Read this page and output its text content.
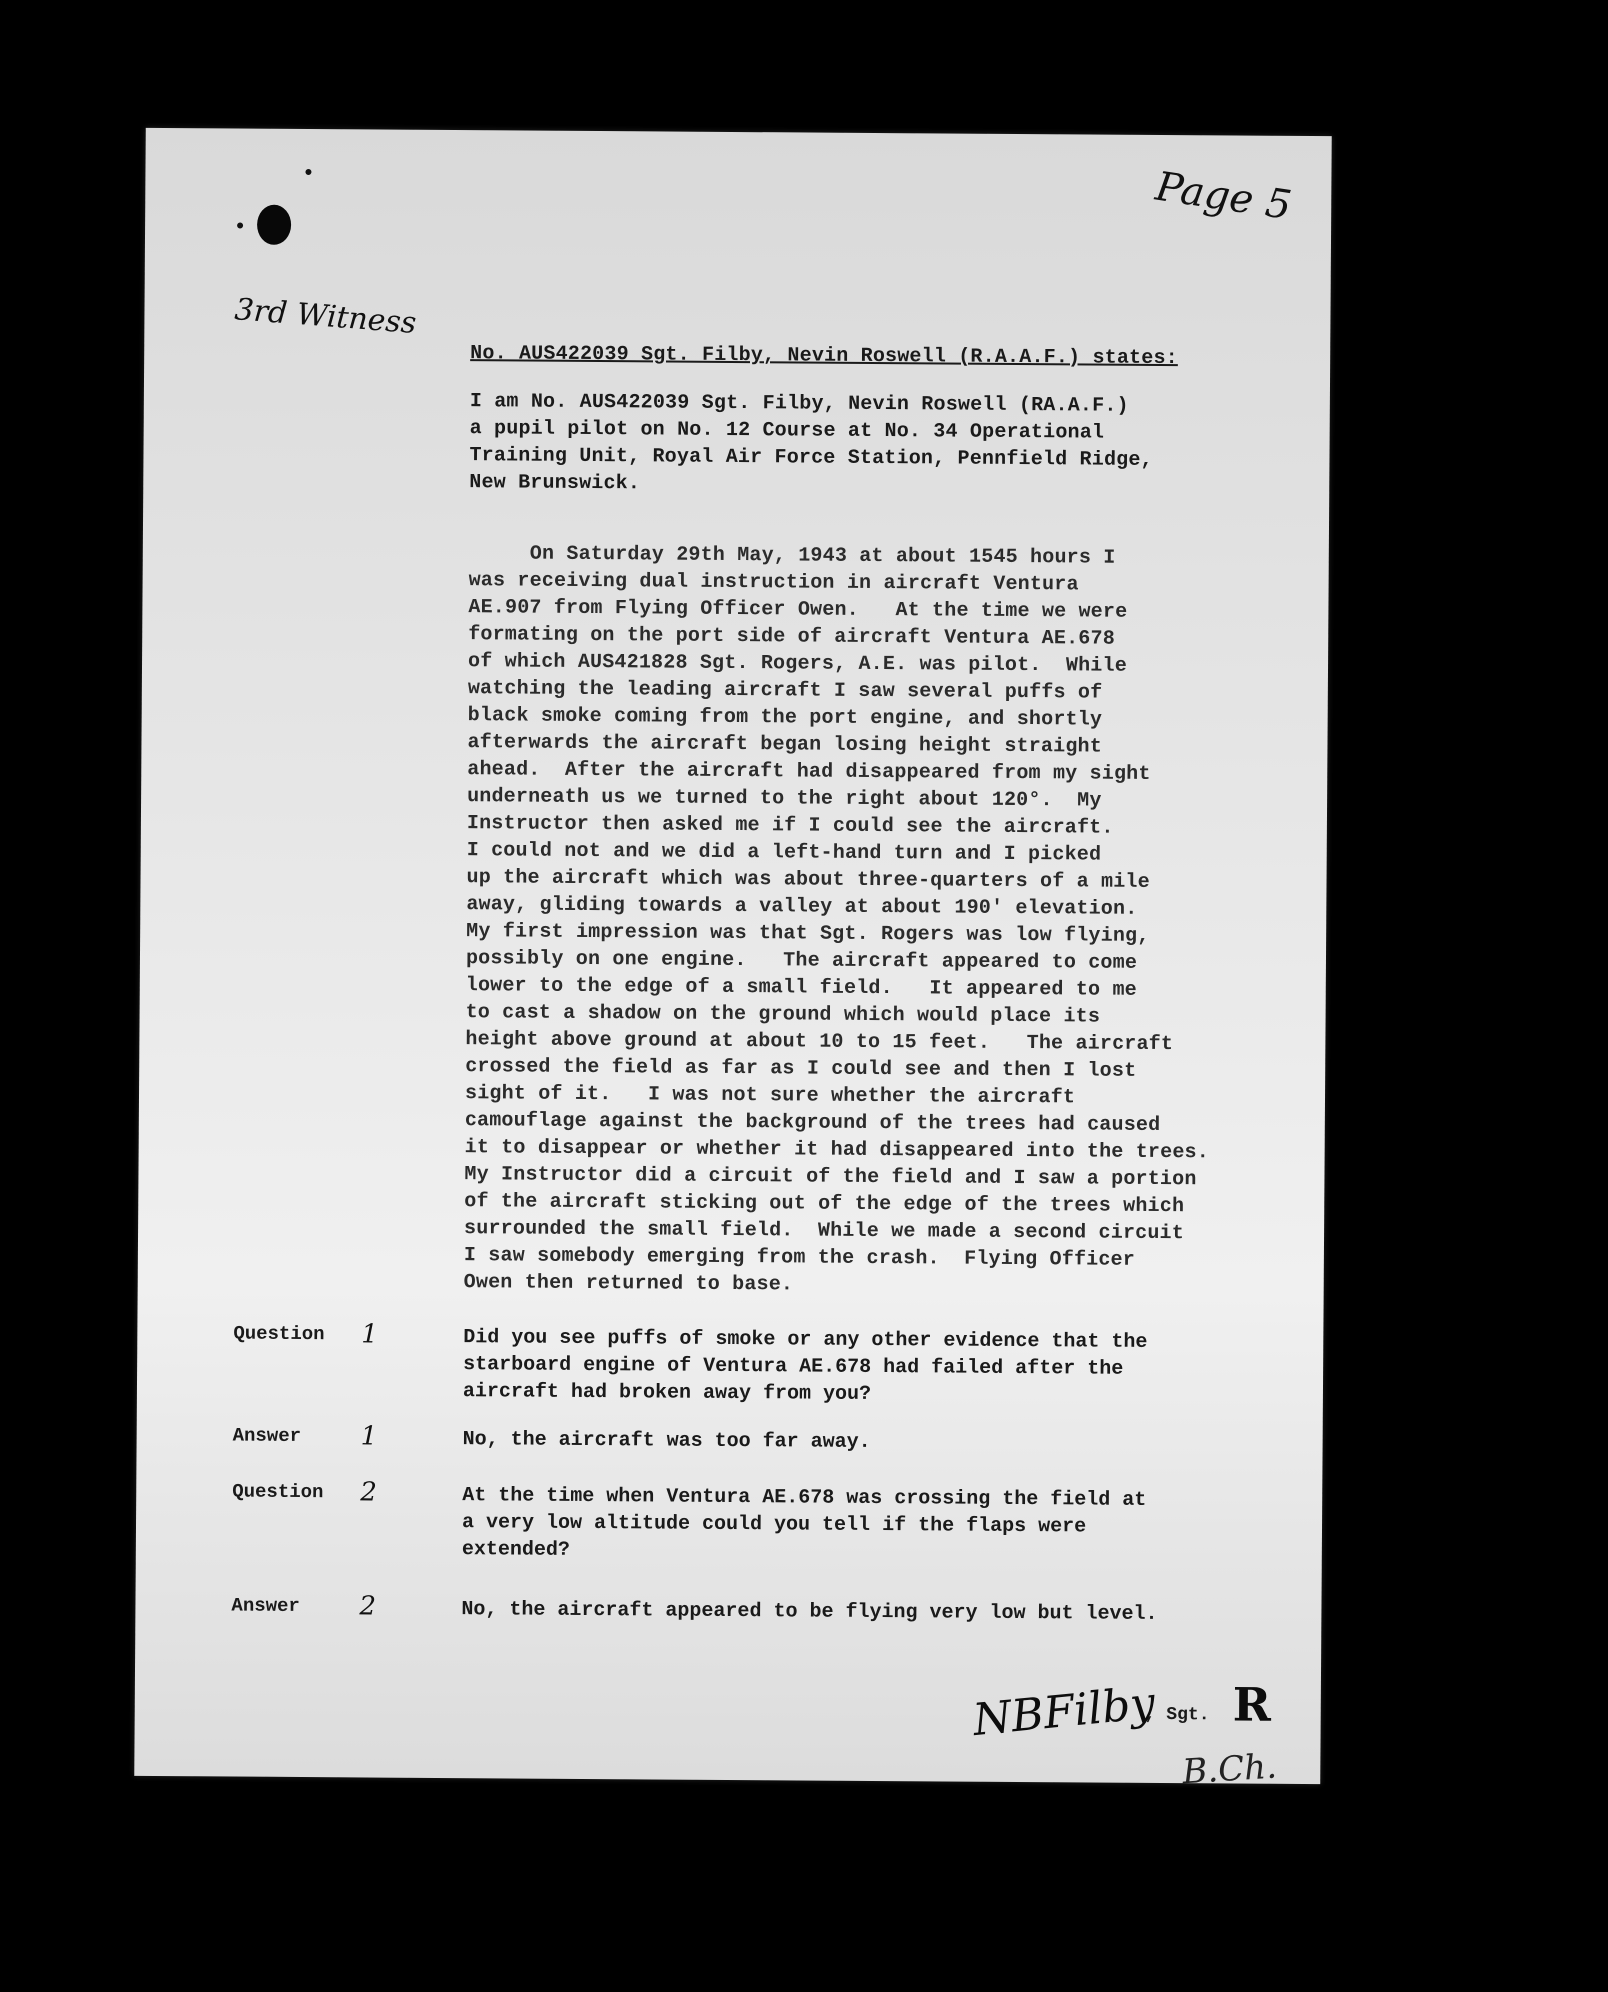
Page 5
3rd Witness
No. AUS422039 Sgt. Filby, Nevin Roswell (R.A.A.F.) states:
I am No. AUS422039 Sgt. Filby, Nevin Roswell (RA.A.F.)
a pupil pilot on No. 12 Course at No. 34 Operational
Training Unit, Royal Air Force Station, Pennfield Ridge,
New Brunswick.
On Saturday 29th May, 1943 at about 1545 hours I
was receiving dual instruction in aircraft Ventura
AE.907 from Flying Officer Owen.   At the time we were
formating on the port side of aircraft Ventura AE.678
of which AUS421828 Sgt. Rogers, A.E. was pilot.  While
watching the leading aircraft I saw several puffs of
black smoke coming from the port engine, and shortly
afterwards the aircraft began losing height straight
ahead.  After the aircraft had disappeared from my sight
underneath us we turned to the right about 120°.  My
Instructor then asked me if I could see the aircraft.
I could not and we did a left-hand turn and I picked
up the aircraft which was about three-quarters of a mile
away, gliding towards a valley at about 190' elevation.
My first impression was that Sgt. Rogers was low flying,
possibly on one engine.   The aircraft appeared to come
lower to the edge of a small field.   It appeared to me
to cast a shadow on the ground which would place its
height above ground at about 10 to 15 feet.   The aircraft
crossed the field as far as I could see and then I lost
sight of it.   I was not sure whether the aircraft
camouflage against the background of the trees had caused
it to disappear or whether it had disappeared into the trees.
My Instructor did a circuit of the field and I saw a portion
of the aircraft sticking out of the edge of the trees which
surrounded the small field.  While we made a second circuit
I saw somebody emerging from the crash.  Flying Officer
Owen then returned to base.
Question 1	Did you see puffs of smoke or any other evidence that the
starboard engine of Ventura AE.678 had failed after the
aircraft had broken away from you?
Answer 1	No, the aircraft was too far away.
Question 2	At the time when Ventura AE.678 was crossing the field at
a very low altitude could you tell if the flaps were
extended?
Answer 2	No, the aircraft appeared to be flying very low but level.
NBFilby
, Sgt. R
B.Ch.
